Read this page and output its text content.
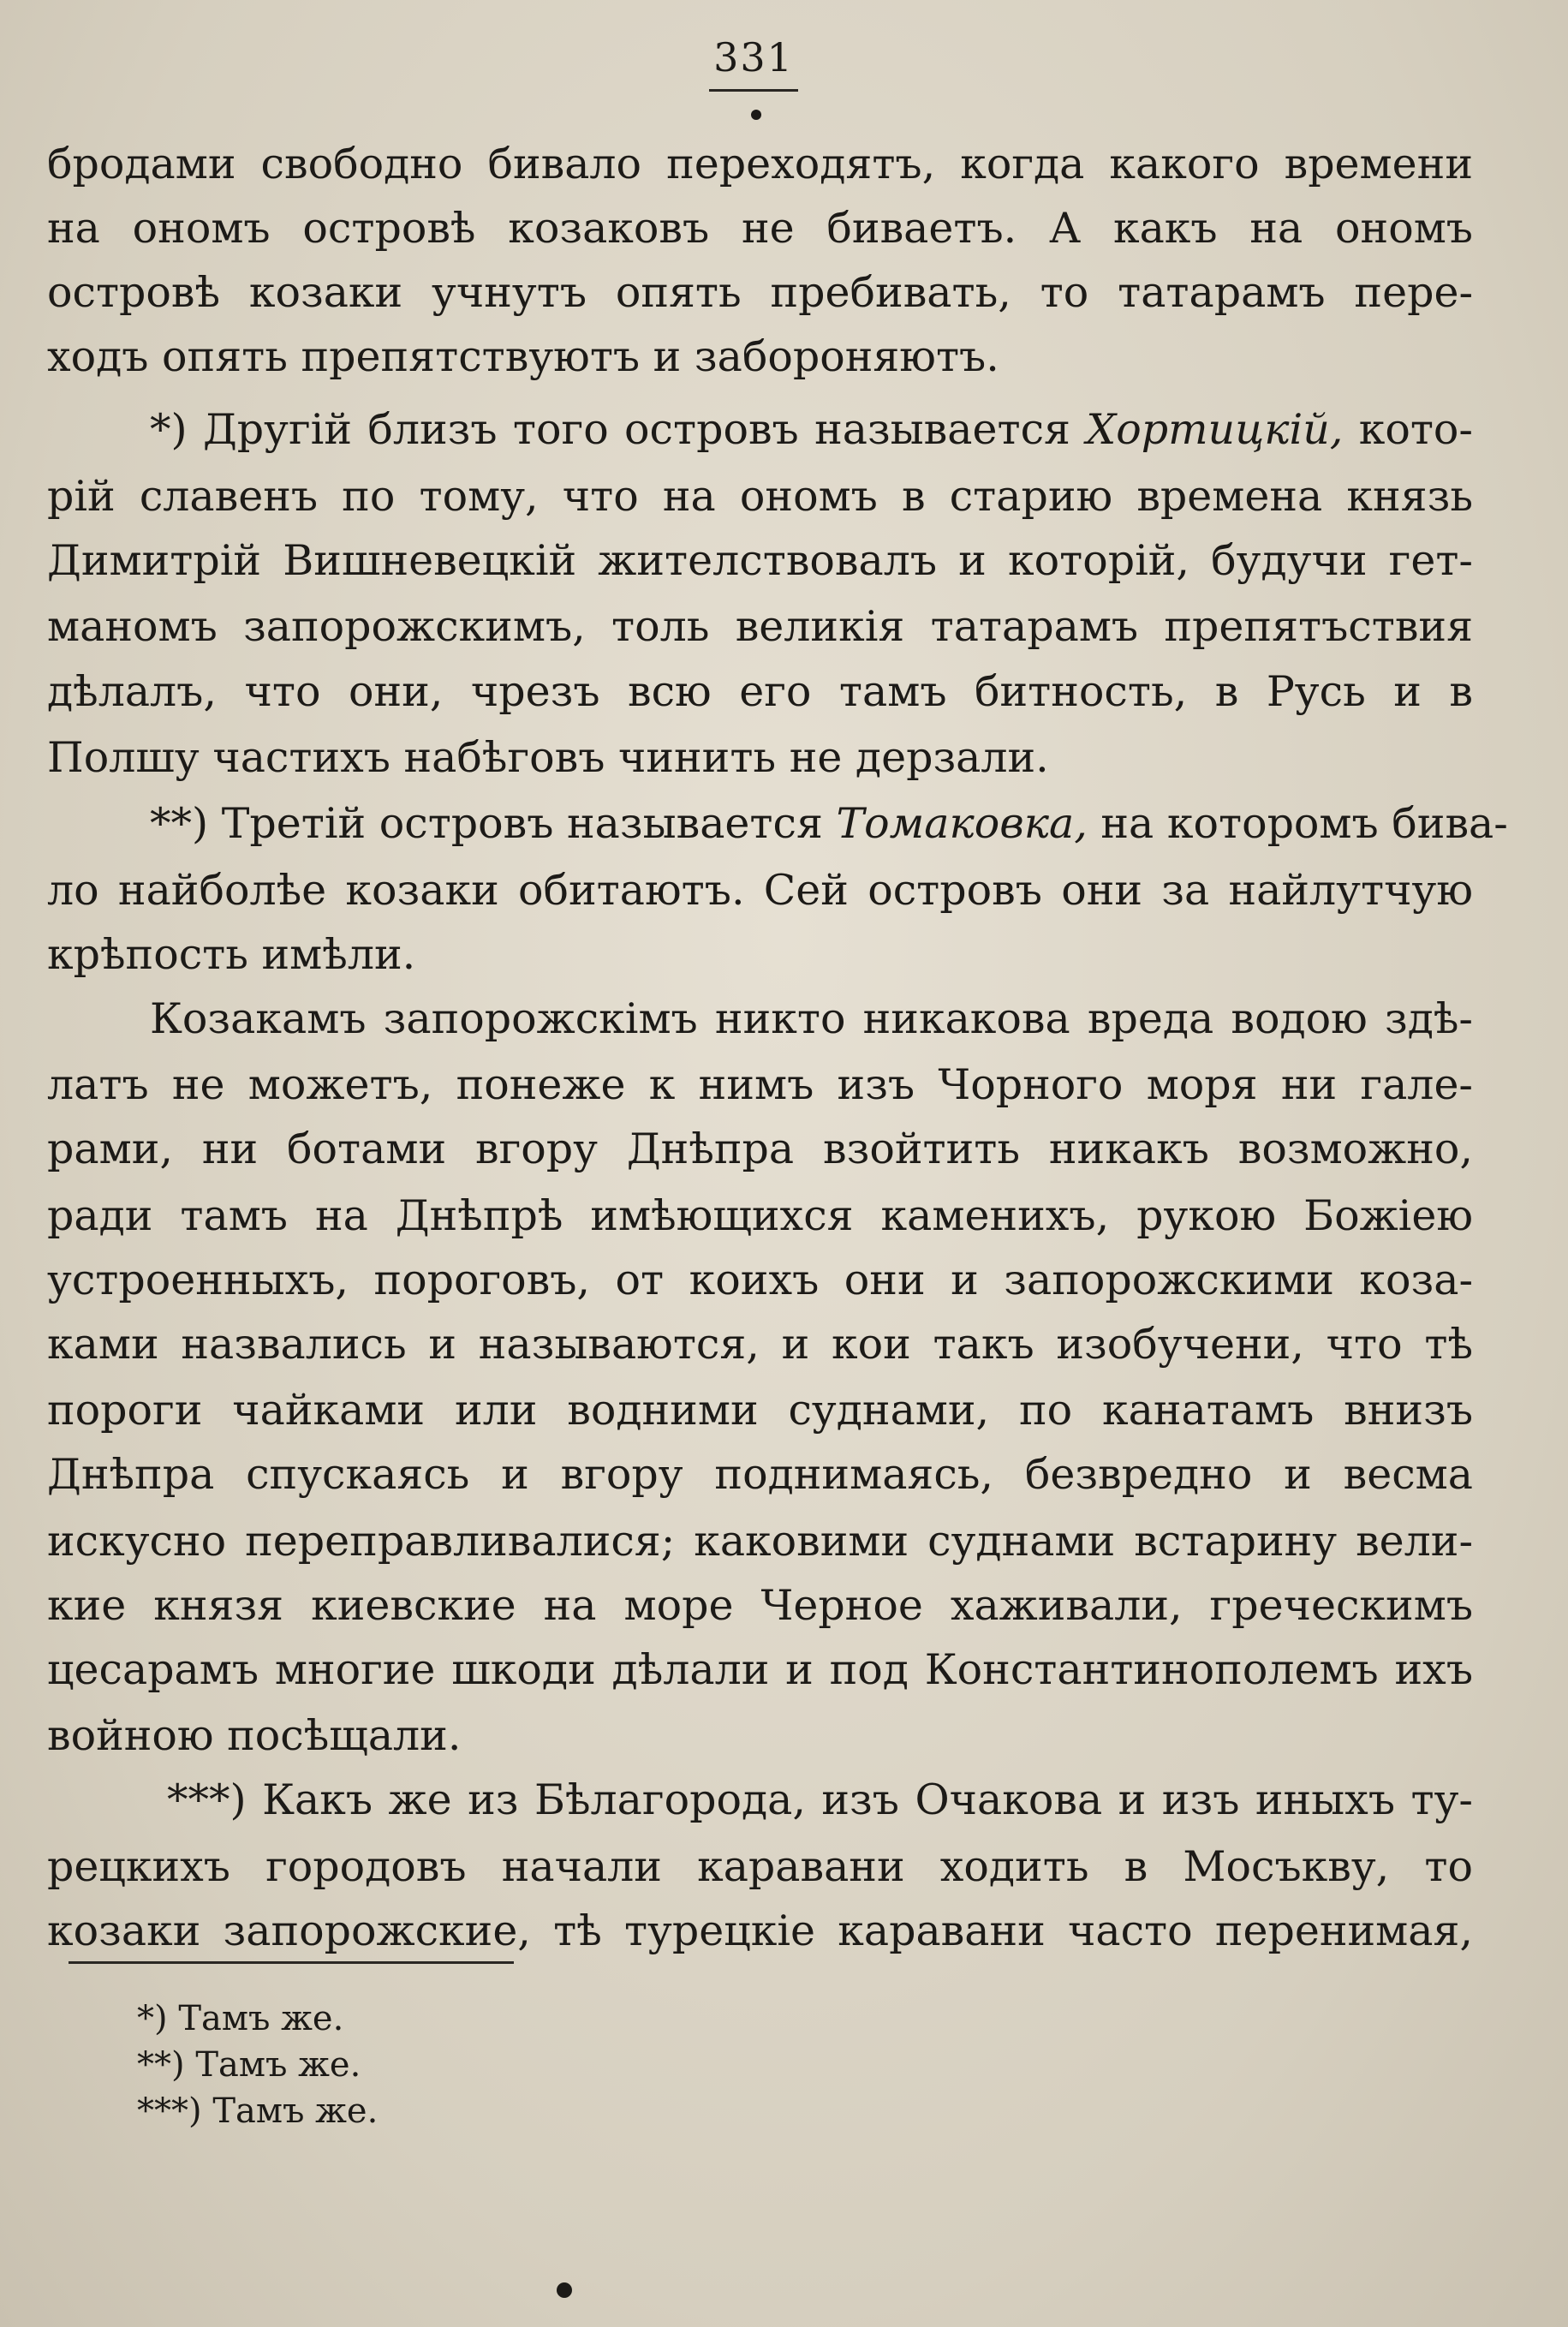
331
бродами свободно бивало переходятъ, когда какого времени
на ономъ островѣ козаковъ не биваетъ. А какъ на ономъ
островѣ козаки учнутъ опять пребивать, то татарамъ пере-
ходъ опять препятствуютъ и забороняютъ.
*) Другій близъ того островъ называется Хортицкій, кото-
рій славенъ по тому, что на ономъ в старию времена князь
Димитрій Вишневецкій жителствовалъ и которій, будучи гет-
маномъ запорожскимъ, толь великія татарамъ препятъствия
дѣлалъ, что они, чрезъ всю его тамъ битность, в Русь и в
Полшу частихъ набѣговъ чинить не дерзали.
**) Третій островъ называется Томаковка, на которомъ бива-
ло найболѣе козаки обитаютъ. Сей островъ они за найлутчую
крѣпость имѣли.
Козакамъ запорожскімъ никто никакова вреда водою здѣ-
латъ не можетъ, понеже к нимъ изъ Чорного моря ни гале-
рами, ни ботами вгору Днѣпра взойтить никакъ возможно,
ради тамъ на Днѣпрѣ имѣющихся каменихъ, рукою Божіею
устроенныхъ, пороговъ, от коихъ они и запорожскими коза-
ками назвались и называются, и кои такъ изобучени, что тѣ
пороги чайками или водними суднами, по канатамъ внизъ
Днѣпра спускаясь и вгору поднимаясь, безвредно и весма
искусно переправливалися; каковими суднами встарину вели-
кие князя киевские на море Черное хаживали, греческимъ
цесарамъ многие шкоди дѣлали и под Константинополемъ ихъ
войною посѣщали.
***) Какъ же из Бѣлагорода, изъ Очакова и изъ иныхъ ту-
рецкихъ городовъ начали каравани ходить в Мосъкву, то
козаки запорожские, тѣ турецкіе каравани часто перенимая,
*) Тамъ же.
**) Тамъ же.
***) Тамъ же.
